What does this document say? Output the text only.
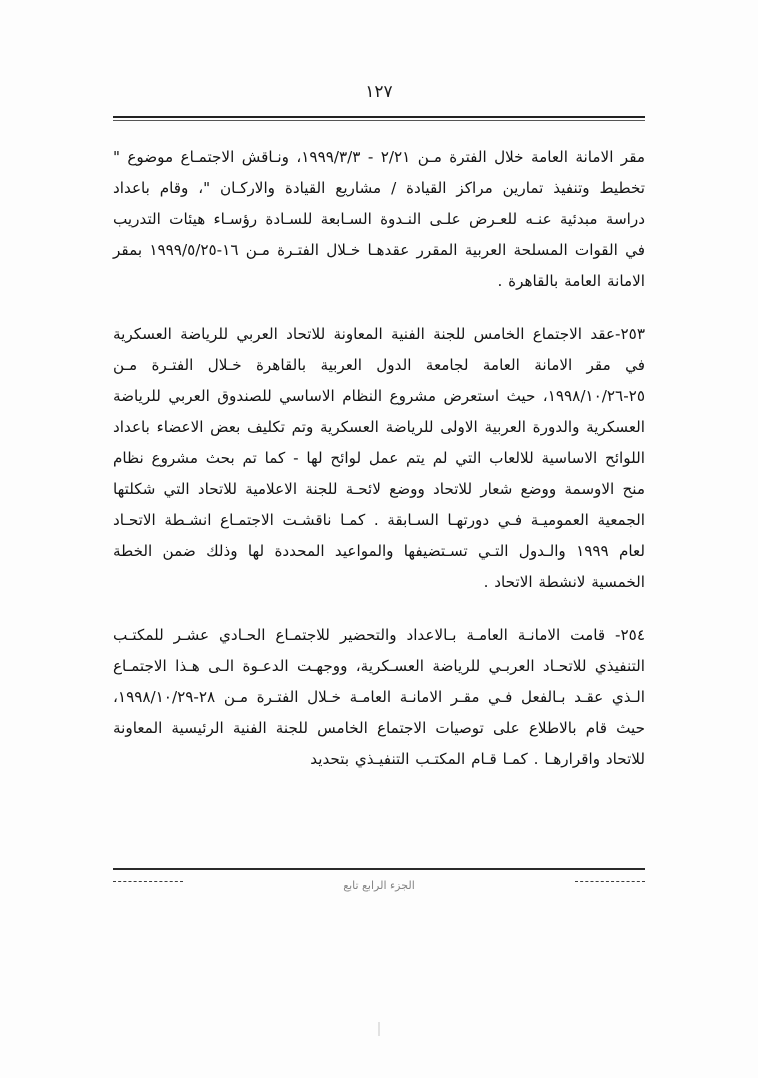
١٢٧

مقر الامانة العامة خلال الفترة مـن ٢/٢١ - ١٩٩٩/٣/٣، ونـاقش الاجتمـاع موضوع " تخطيط وتنفيذ تمارين مراكز القيادة / مشاريع القيادة والاركـان "، وقام باعداد دراسة مبدئية عنـه للعـرض علـى النـدوة السـابعة للسـادة رؤسـاء هيئات التدريب في القوات المسلحة العربية المقرر عقدهـا خـلال الفتـرة مـن ١٦-١٩٩٩/٥/٢٥ بمقر الامانة العامة بالقاهرة .

٢٥٣-عقد الاجتماع الخامس للجنة الفنية المعاونة للاتحاد العربي للرياضة العسكرية في مقر الامانة العامة لجامعة الدول العربية بالقاهرة خـلال الفتـرة مـن ٢٥-١٩٩٨/١٠/٢٦، حيث استعرض مشروع النظام الاساسي للصندوق العربي للرياضة العسكرية والدورة العربية الاولى للرياضة العسكرية وتم تكليف بعض الاعضاء باعداد اللوائح الاساسية للالعاب التي لم يتم عمل لوائح لها - كما تم بحث مشروع نظام منح الاوسمة ووضع شعار للاتحاد ووضع لائحـة للجنة الاعلامية للاتحاد التي شكلتها الجمعية العموميـة فـي دورتهـا السـابقة . كمـا ناقشـت الاجتمـاع انشـطة الاتحـاد لعام ١٩٩٩ والـدول التـي تسـتضيفها والمواعيد المحددة لها وذلك ضمن الخطة الخمسية لانشطة الاتحاد .

٢٥٤- قامت الامانـة العامـة بـالاعداد والتحضير للاجتمـاع الحـادي عشـر للمكتـب التنفيذي للاتحـاد العربـي للرياضة العسـكرية، ووجهـت الدعـوة الـى هـذا الاجتمـاع الـذي عقـد بـالفعل فـي مقـر الامانـة العامـة خـلال الفتـرة مـن ٢٨-١٩٩٨/١٠/٢٩، حيث قام بالاطلاع على توصيات الاجتماع الخامس للجنة الفنية الرئيسية المعاونة للاتحاد واقرارهـا . كمـا قـام المكتـب التنفيـذي بتحديد

الجزء الرابع تابع
